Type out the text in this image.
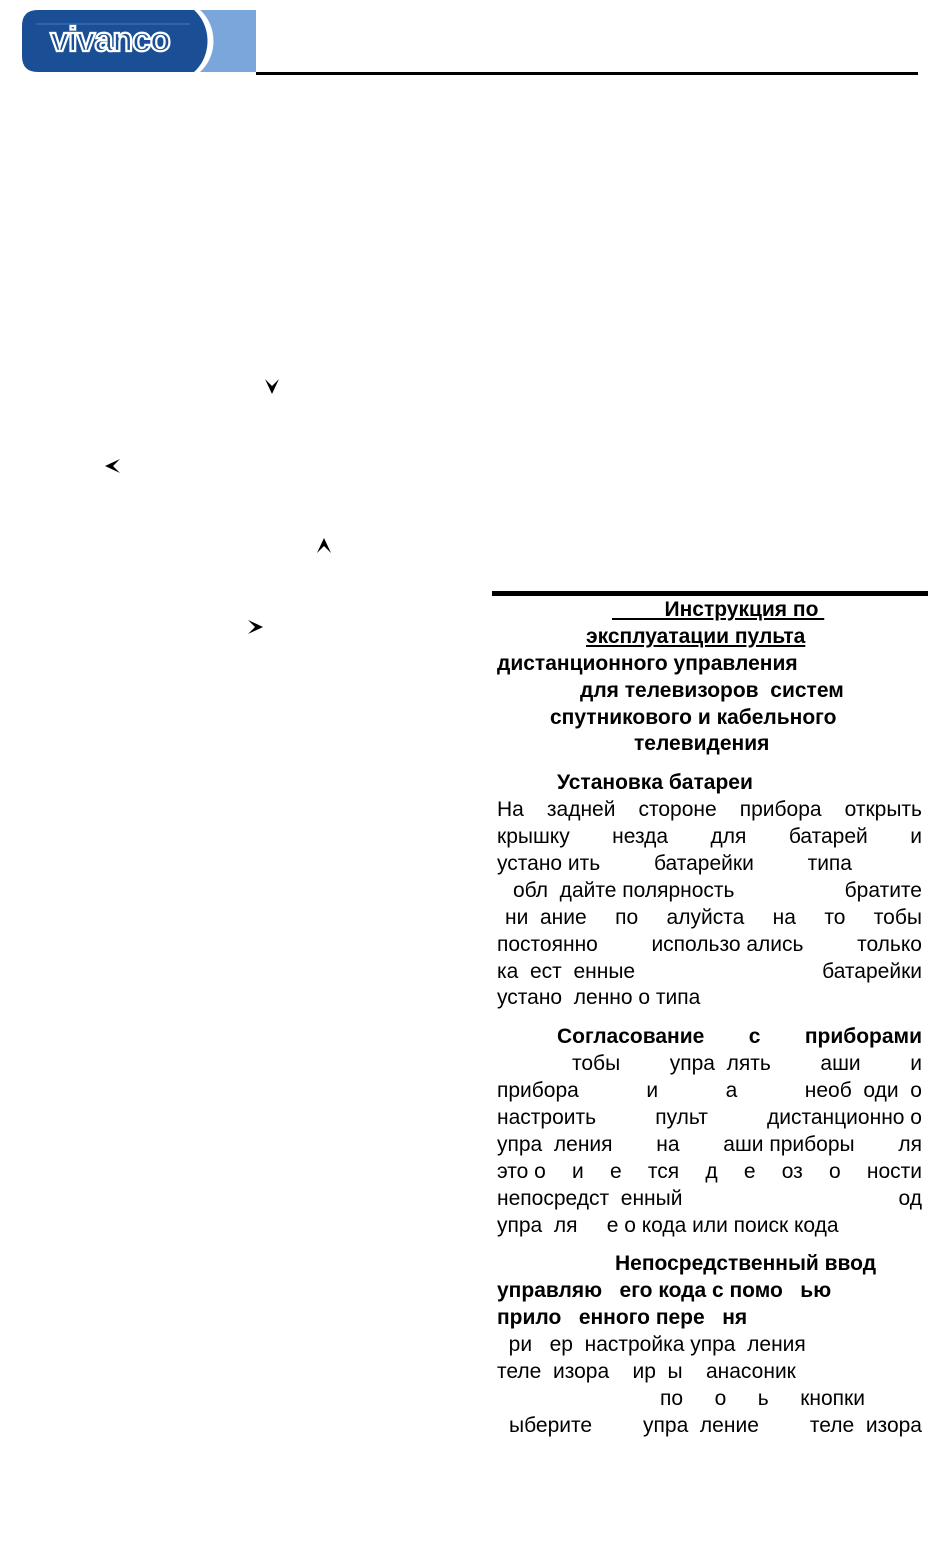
vivanco
Инструкция по
эксплуатации пульта
дистанционного управления
для телевизоров  систем
спутникового и кабельного
телевидения
Установка батареи
На задней стороне прибора открыть
крышку незда для батарей и
устано ить	батарейки	типа
обл  дайте полярность	братите
ни  ание по алуйста на то тобы
постоянно	использо ались	только
ка  ест  енные	батарейки
устано  ленно о типа
Согласование с приборами
тобы упра  лять аши и
прибора	и	а	необ  оди  о
настроить	пульт	дистанционно о
упра  ления на аши приборы ля
это о и е тся д е оз о ности
непосредст  енный	од
упра  ля     е о кода или поиск кода
Непосредственный ввод
управляю   его кода с помо   ью
прило   енного пере   ня
ри   ер  настройка упра  ления
теле  изора    ир  ы    анасоник
по о ь кнопки
ыберите упра  ление теле  изора
